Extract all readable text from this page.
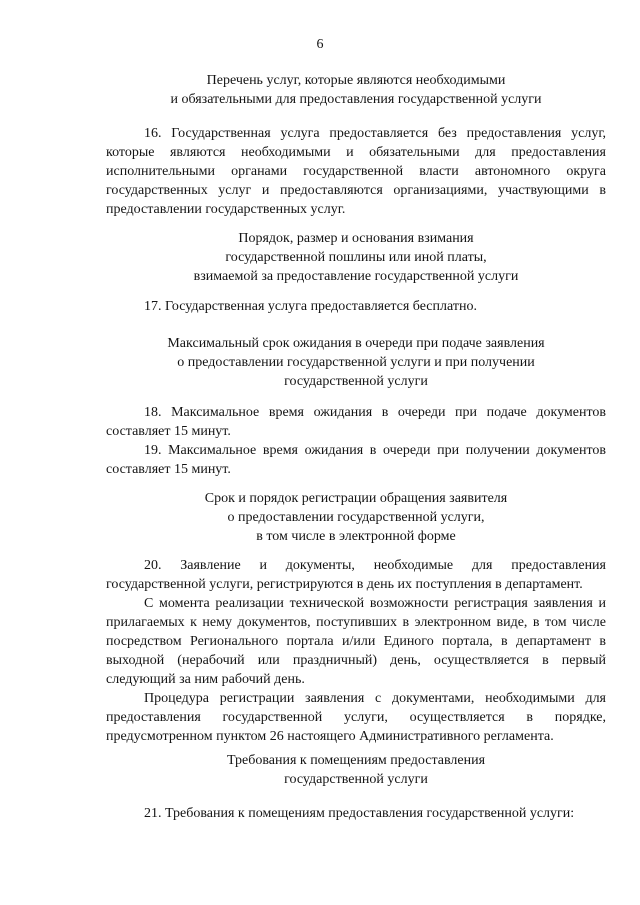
6

Перечень услуг, которые являются необходимыми
и обязательными для предоставления государственной услуги

16. Государственная услуга предоставляется без предоставления услуг, которые являются необходимыми и обязательными для предоставления исполнительными органами государственной власти автономного округа государственных услуг и предоставляются организациями, участвующими в предоставлении государственных услуг.

Порядок, размер и основания взимания
государственной пошлины или иной платы,
взимаемой за предоставление государственной услуги

17. Государственная услуга предоставляется бесплатно.

Максимальный срок ожидания в очереди при подаче заявления
о предоставлении государственной услуги и при получении
государственной услуги

18. Максимальное время ожидания в очереди при подаче документов составляет 15 минут.

19. Максимальное время ожидания в очереди при получении документов составляет 15 минут.

Срок и порядок регистрации обращения заявителя
о предоставлении государственной услуги,
в том числе в электронной форме

20. Заявление и документы, необходимые для предоставления государственной услуги, регистрируются в день их поступления в департамент.

С момента реализации технической возможности регистрация заявления и прилагаемых к нему документов, поступивших в электронном виде, в том числе посредством Регионального портала и/или Единого портала, в департамент в выходной (нерабочий или праздничный) день, осуществляется в первый следующий за ним рабочий день.

Процедура регистрации заявления с документами, необходимыми для предоставления государственной услуги, осуществляется в порядке, предусмотренном пунктом 26 настоящего Административного регламента.

Требования к помещениям предоставления
государственной услуги

21. Требования к помещениям предоставления государственной услуги:
